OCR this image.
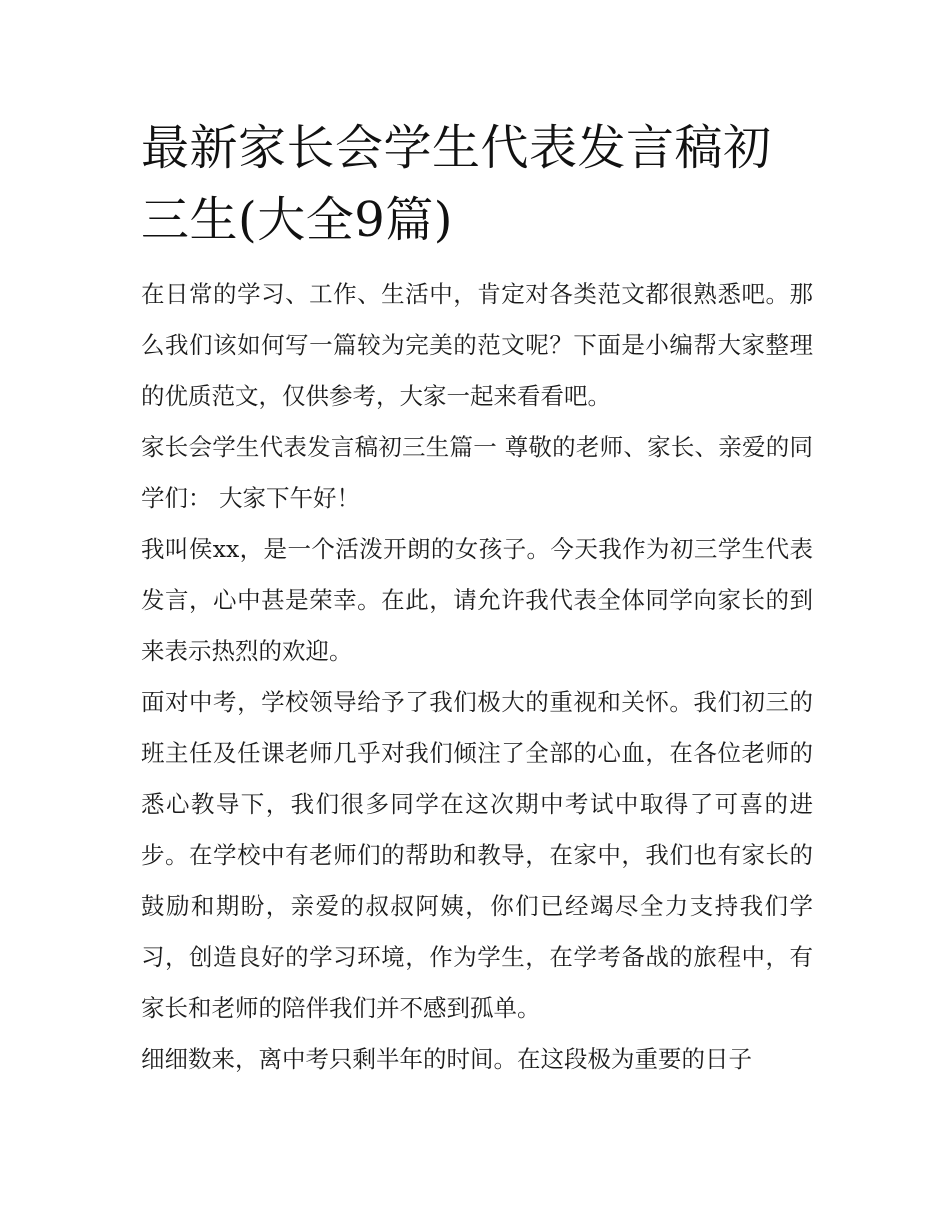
最新家长会学生代表发言稿初三生(大全9篇)

在日常的学习、工作、生活中，肯定对各类范文都很熟悉吧。那么我们该如何写一篇较为完美的范文呢？下面是小编帮大家整理的优质范文，仅供参考，大家一起来看看吧。

家长会学生代表发言稿初三生篇一 尊敬的老师、家长、亲爱的同学们： 大家下午好！

我叫侯xx，是一个活泼开朗的女孩子。今天我作为初三学生代表发言，心中甚是荣幸。在此，请允许我代表全体同学向家长的到来表示热烈的欢迎。

面对中考，学校领导给予了我们极大的重视和关怀。我们初三的班主任及任课老师几乎对我们倾注了全部的心血，在各位老师的悉心教导下，我们很多同学在这次期中考试中取得了可喜的进步。在学校中有老师们的帮助和教导，在家中，我们也有家长的鼓励和期盼，亲爱的叔叔阿姨，你们已经竭尽全力支持我们学习，创造良好的学习环境，作为学生，在学考备战的旅程中，有家长和老师的陪伴我们并不感到孤单。

细细数来，离中考只剩半年的时间。在这段极为重要的日子
